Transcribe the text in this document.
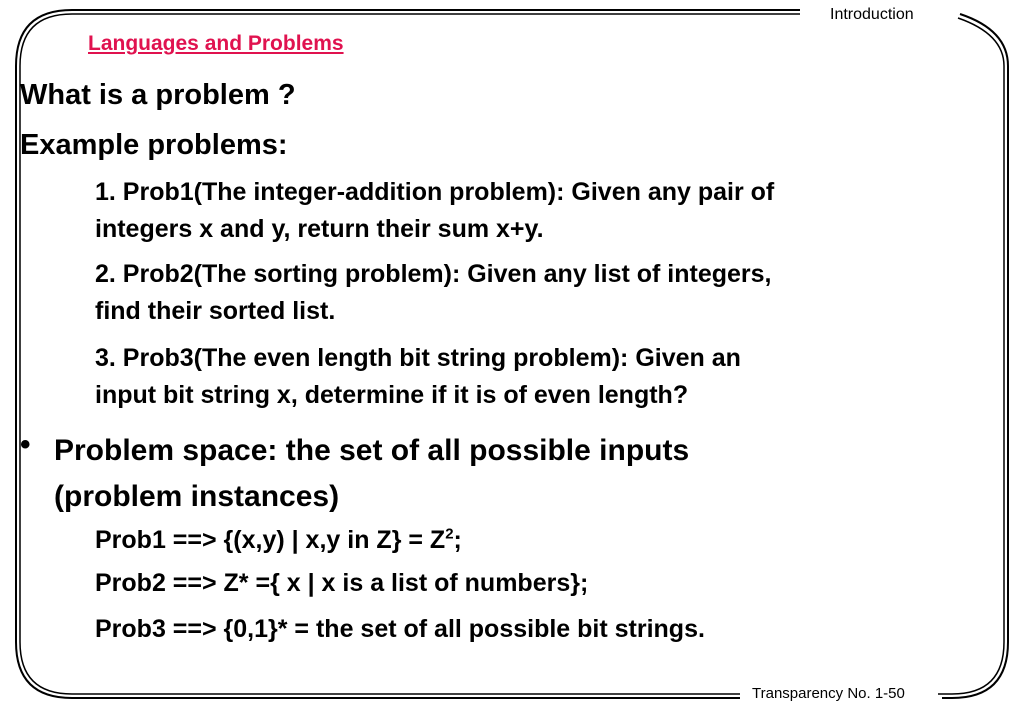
Introduction
Languages and Problems
What is a problem ?
Example problems:
1. Prob1(The integer-addition problem): Given any pair of
integers x and y, return their sum x+y.
2. Prob2(The sorting problem): Given any list of integers,
find their sorted list.
3. Prob3(The even length bit string problem): Given an
input bit string x, determine if it is of even length?
• Problem space: the set of all possible inputs
(problem instances)
Prob1 ==> {(x,y) | x,y in $Z\} = Z^2$;
Prob2 ==> Z* ={ x | x is a list of numbers};
Prob3 ==> {0,1}* = the set of all possible bit strings.
Transparency No. 1-50
